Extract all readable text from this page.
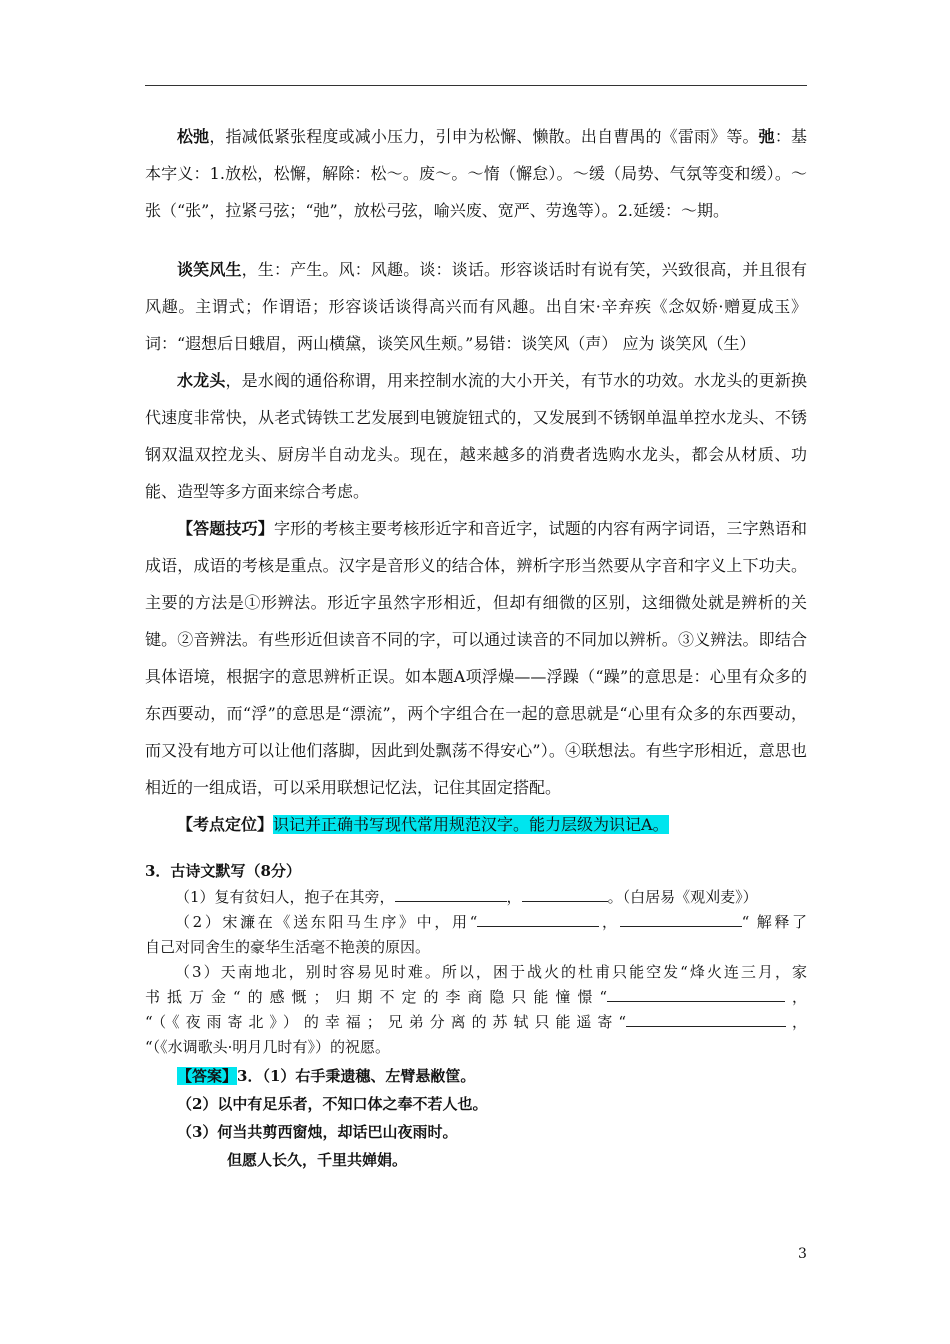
松弛，指减低紧张程度或减小压力，引申为松懈、懒散。出自曹禺的《雷雨》等。弛：基本字义：1.放松，松懈，解除：松～。废～。～惰（懈怠）。～缓（局势、气氛等变和缓）。～张（“张”，拉紧弓弦；“弛”，放松弓弦，喻兴废、宽严、劳逸等）。2.延缓：～期。

谈笑风生，生：产生。风：风趣。谈：谈话。形容谈话时有说有笑，兴致很高，并且很有风趣。主谓式；作谓语；形容谈话谈得高兴而有风趣。出自宋·辛弃疾《念奴娇·赠夏成玉》词：“遐想后日蛾眉，两山横黛，谈笑风生颊。”易错：谈笑风（声） 应为 谈笑风（生）

水龙头，是水阀的通俗称谓，用来控制水流的大小开关，有节水的功效。水龙头的更新换代速度非常快，从老式铸铁工艺发展到电镀旋钮式的，又发展到不锈钢单温单控水龙头、不锈钢双温双控龙头、厨房半自动龙头。现在，越来越多的消费者选购水龙头，都会从材质、功能、造型等多方面来综合考虑。

【答题技巧】字形的考核主要考核形近字和音近字，试题的内容有两字词语，三字熟语和成语，成语的考核是重点。汉字是音形义的结合体，辨析字形当然要从字音和字义上下功夫。主要的方法是①形辨法。形近字虽然字形相近，但却有细微的区别，这细微处就是辨析的关键。②音辨法。有些形近但读音不同的字，可以通过读音的不同加以辨析。③义辨法。即结合具体语境，根据字的意思辨析正误。如本题A项浮燥——浮躁（“躁”的意思是：心里有众多的东西要动，而“浮”的意思是“漂流”，两个字组合在一起的意思就是“心里有众多的东西要动，而又没有地方可以让他们落脚，因此到处飘荡不得安心”）。④联想法。有些字形相近，意思也相近的一组成语，可以采用联想记忆法，记住其固定搭配。

【考点定位】识记并正确书写现代常用规范汉字。能力层级为识记A。

3．古诗文默写（8分）

（1）复有贫妇人，抱子在其旁，	，	。（白居易《观刈麦》）

（2）宋濂在《送东阳马生序》中，用“	，	“ 解释了

自己对同舍生的豪华生活毫不艳羡的原因。

（3）天南地北，别时容易见时难。所以，困于战火的杜甫只能空发“烽火连三月，家

书抵万金“的感慨；归期不定的李商隐只能憧憬“	，

“（《夜雨寄北》）的幸福；兄弟分离的苏轼只能遥寄“	，

“（《水调歌头·明月几时有》）的祝愿。

【答案】3．（1）右手秉遗穗、左臂悬敝筐。

（2）以中有足乐者，不知口体之奉不若人也。

（3）何当共剪西窗烛，却话巴山夜雨时。

但愿人长久，千里共婵娟。

3
